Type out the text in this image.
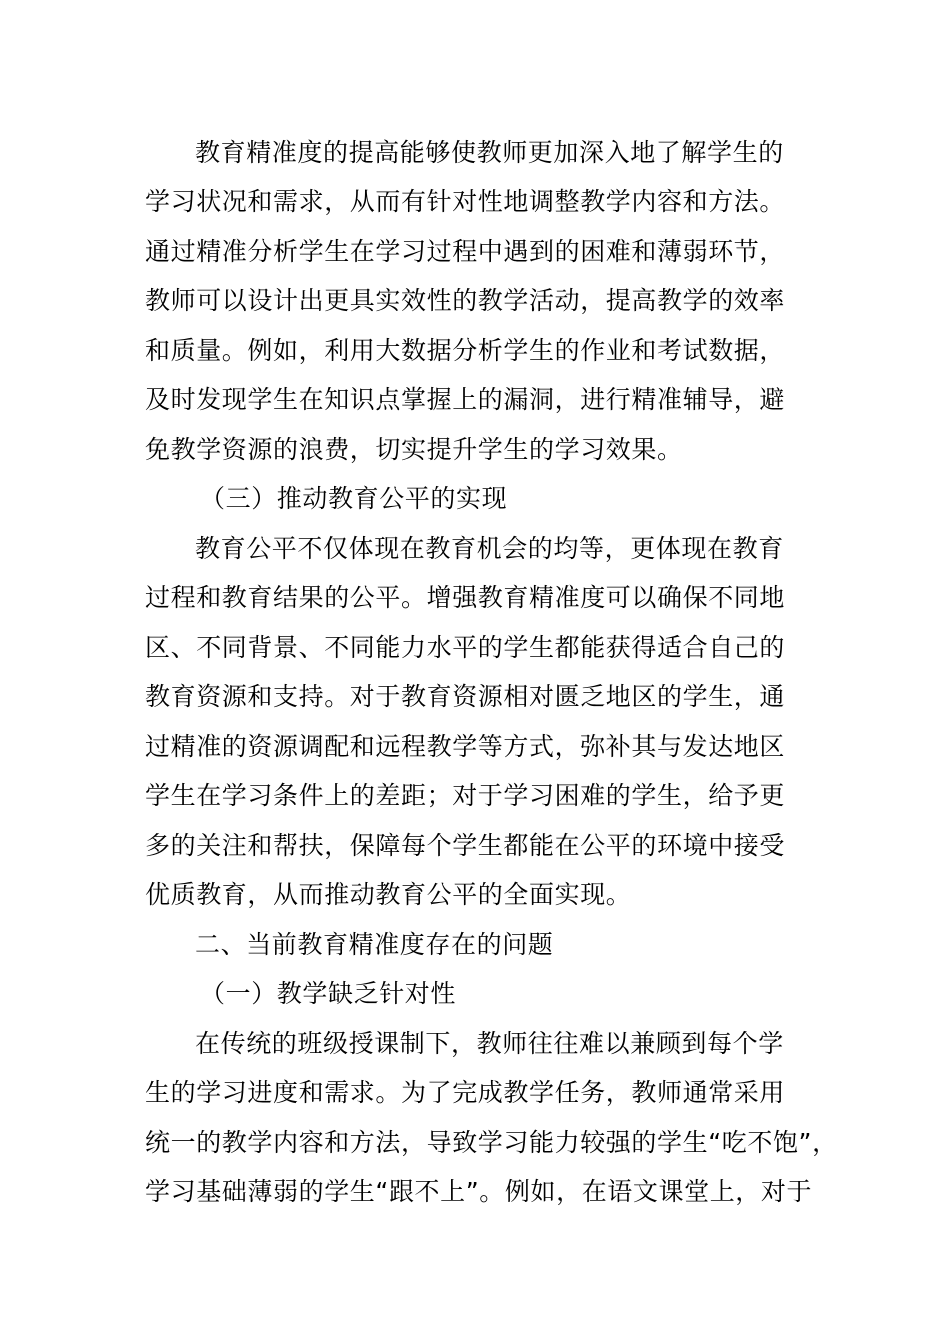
教育精准度的提高能够使教师更加深入地了解学生的
学习状况和需求，从而有针对性地调整教学内容和方法。
通过精准分析学生在学习过程中遇到的困难和薄弱环节，
教师可以设计出更具实效性的教学活动，提高教学的效率
和质量。例如，利用大数据分析学生的作业和考试数据，
及时发现学生在知识点掌握上的漏洞，进行精准辅导，避
免教学资源的浪费，切实提升学生的学习效果。
（三）推动教育公平的实现
教育公平不仅体现在教育机会的均等，更体现在教育
过程和教育结果的公平。增强教育精准度可以确保不同地
区、不同背景、不同能力水平的学生都能获得适合自己的
教育资源和支持。对于教育资源相对匮乏地区的学生，通
过精准的资源调配和远程教学等方式，弥补其与发达地区
学生在学习条件上的差距；对于学习困难的学生，给予更
多的关注和帮扶，保障每个学生都能在公平的环境中接受
优质教育，从而推动教育公平的全面实现。
二、当前教育精准度存在的问题
（一）教学缺乏针对性
在传统的班级授课制下，教师往往难以兼顾到每个学
生的学习进度和需求。为了完成教学任务，教师通常采用
统一的教学内容和方法，导致学习能力较强的学生“吃不饱”，
学习基础薄弱的学生“跟不上”。例如，在语文课堂上，对于
